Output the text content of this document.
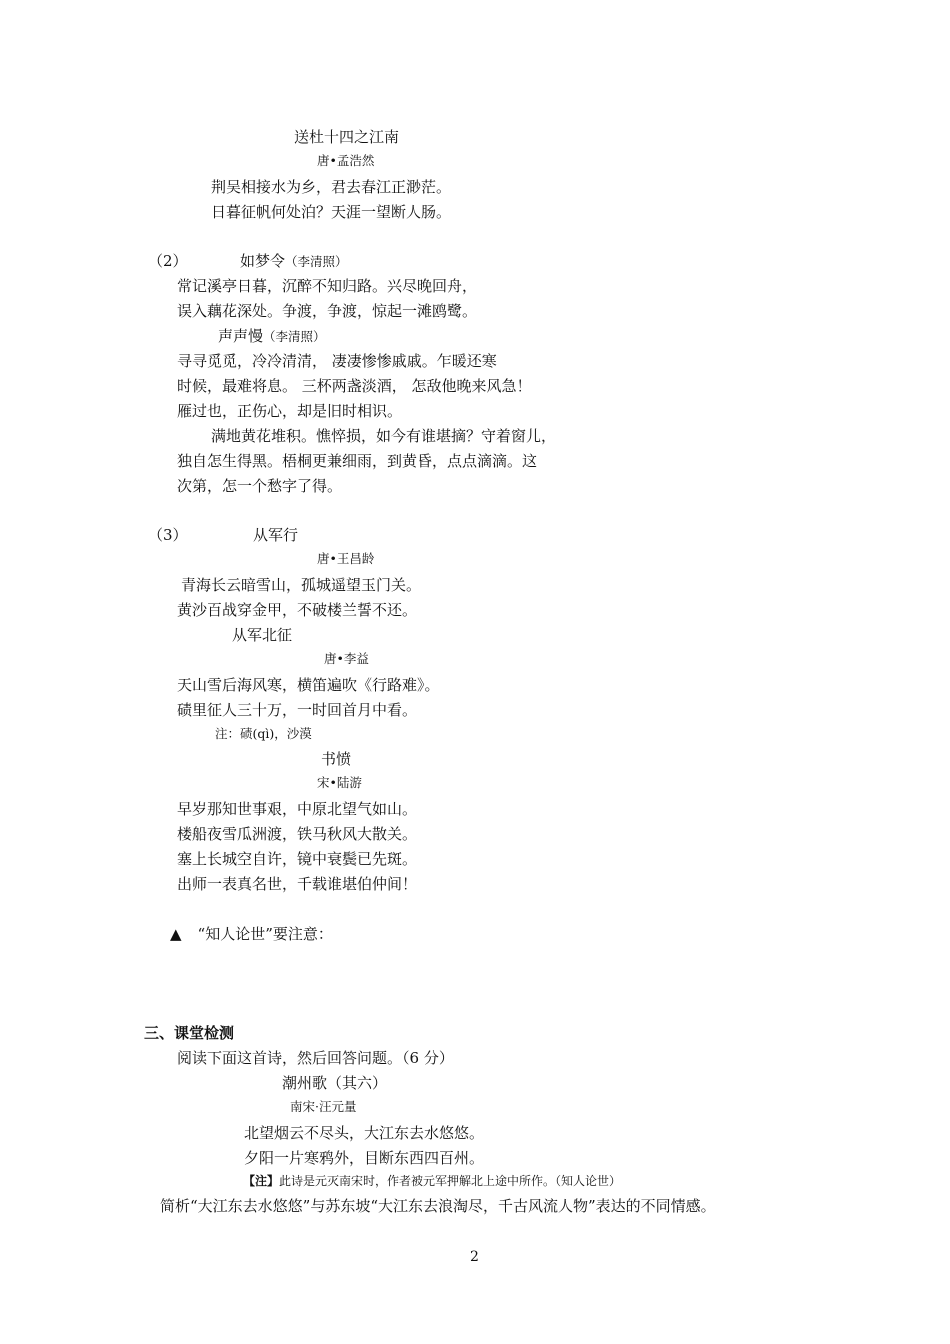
送杜十四之江南
唐•孟浩然
荆吴相接水为乡，君去春江正渺茫。
日暮征帆何处泊？天涯一望断人肠。
（2）	如梦令（李清照）
常记溪亭日暮，沉醉不知归路。兴尽晚回舟，
误入藕花深处。争渡，争渡，惊起一滩鸥鹭。
声声慢（李清照）
寻寻觅觅，冷冷清清， 凄凄惨惨戚戚。乍暖还寒
时候，最难将息。 三杯两盏淡酒， 怎敌他晚来风急！
雁过也，正伤心，却是旧时相识。
满地黄花堆积。憔悴损，如今有谁堪摘？守着窗儿，
独自怎生得黑。梧桐更兼细雨，到黄昏，点点滴滴。这
次第，怎一个愁字了得。
（3）	从军行
唐•王昌龄
青海长云暗雪山，孤城遥望玉门关。
黄沙百战穿金甲，不破楼兰誓不还。
从军北征
唐•李益
天山雪后海风寒，横笛遍吹《行路难》。
碛里征人三十万，一时回首月中看。
注：碛(qì)，沙漠
书愤
宋•陆游
早岁那知世事艰，中原北望气如山。
楼船夜雪瓜洲渡，铁马秋风大散关。
塞上长城空自许，镜中衰鬓已先斑。
出师一表真名世，千载谁堪伯仲间！
▲ “知人论世”要注意：
三、课堂检测
阅读下面这首诗，然后回答问题。（6 分）
潮州歌（其六）
南宋·汪元量
北望烟云不尽头，大江东去水悠悠。
夕阳一片寒鸦外，目断东西四百州。
【注】此诗是元灭南宋时，作者被元军押解北上途中所作。（知人论世）
简析“大江东去水悠悠”与苏东坡“大江东去浪淘尽，千古风流人物”表达的不同情感。
2
